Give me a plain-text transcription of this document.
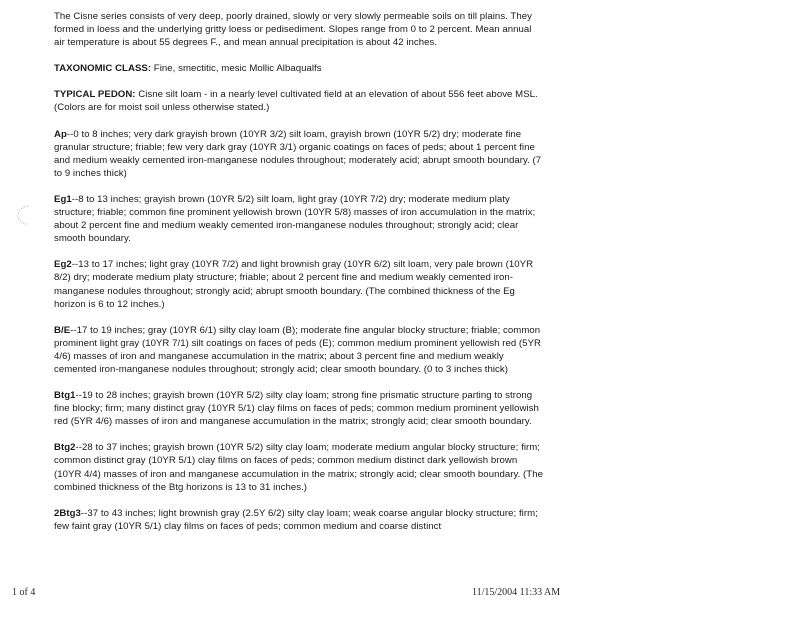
The Cisne series consists of very deep, poorly drained, slowly or very slowly permeable soils on till plains. They formed in loess and the underlying gritty loess or pedisediment. Slopes range from 0 to 2 percent. Mean annual air temperature is about 55 degrees F., and mean annual precipitation is about 42 inches.

TAXONOMIC CLASS: Fine, smectitic, mesic Mollic Albaqualfs

TYPICAL PEDON: Cisne silt loam - in a nearly level cultivated field at an elevation of about 556 feet above MSL. (Colors are for moist soil unless otherwise stated.)

Ap--0 to 8 inches; very dark grayish brown (10YR 3/2) silt loam, grayish brown (10YR 5/2) dry; moderate fine granular structure; friable; few very dark gray (10YR 3/1) organic coatings on faces of peds; about 1 percent fine and medium weakly cemented iron-manganese nodules throughout; moderately acid; abrupt smooth boundary. (7 to 9 inches thick)

Eg1--8 to 13 inches; grayish brown (10YR 5/2) silt loam, light gray (10YR 7/2) dry; moderate medium platy structure; friable; common fine prominent yellowish brown (10YR 5/8) masses of iron accumulation in the matrix; about 2 percent fine and medium weakly cemented iron-manganese nodules throughout; strongly acid; clear smooth boundary.

Eg2--13 to 17 inches; light gray (10YR 7/2) and light brownish gray (10YR 6/2) silt loam, very pale brown (10YR 8/2) dry; moderate medium platy structure; friable; about 2 percent fine and medium weakly cemented iron-manganese nodules throughout; strongly acid; abrupt smooth boundary. (The combined thickness of the Eg horizon is 6 to 12 inches.)

B/E--17 to 19 inches; gray (10YR 6/1) silty clay loam (B); moderate fine angular blocky structure; friable; common prominent light gray (10YR 7/1) silt coatings on faces of peds (E); common medium prominent yellowish red (5YR 4/6) masses of iron and manganese accumulation in the matrix; about 3 percent fine and medium weakly cemented iron-manganese nodules throughout; strongly acid; clear smooth boundary. (0 to 3 inches thick)

Btg1--19 to 28 inches; grayish brown (10YR 5/2) silty clay loam; strong fine prismatic structure parting to strong fine blocky; firm; many distinct gray (10YR 5/1) clay films on faces of peds; common medium prominent yellowish red (5YR 4/6) masses of iron and manganese accumulation in the matrix; strongly acid; clear smooth boundary.

Btg2--28 to 37 inches; grayish brown (10YR 5/2) silty clay loam; moderate medium angular blocky structure; firm; common distinct gray (10YR 5/1) clay films on faces of peds; common medium distinct dark yellowish brown (10YR 4/4) masses of iron and manganese accumulation in the matrix; strongly acid; clear smooth boundary. (The combined thickness of the Btg horizons is 13 to 31 inches.)

2Btg3--37 to 43 inches; light brownish gray (2.5Y 6/2) silty clay loam; weak coarse angular blocky structure; firm; few faint gray (10YR 5/1) clay films on faces of peds; common medium and coarse distinct

1 of 4	11/15/2004 11:33 AM
